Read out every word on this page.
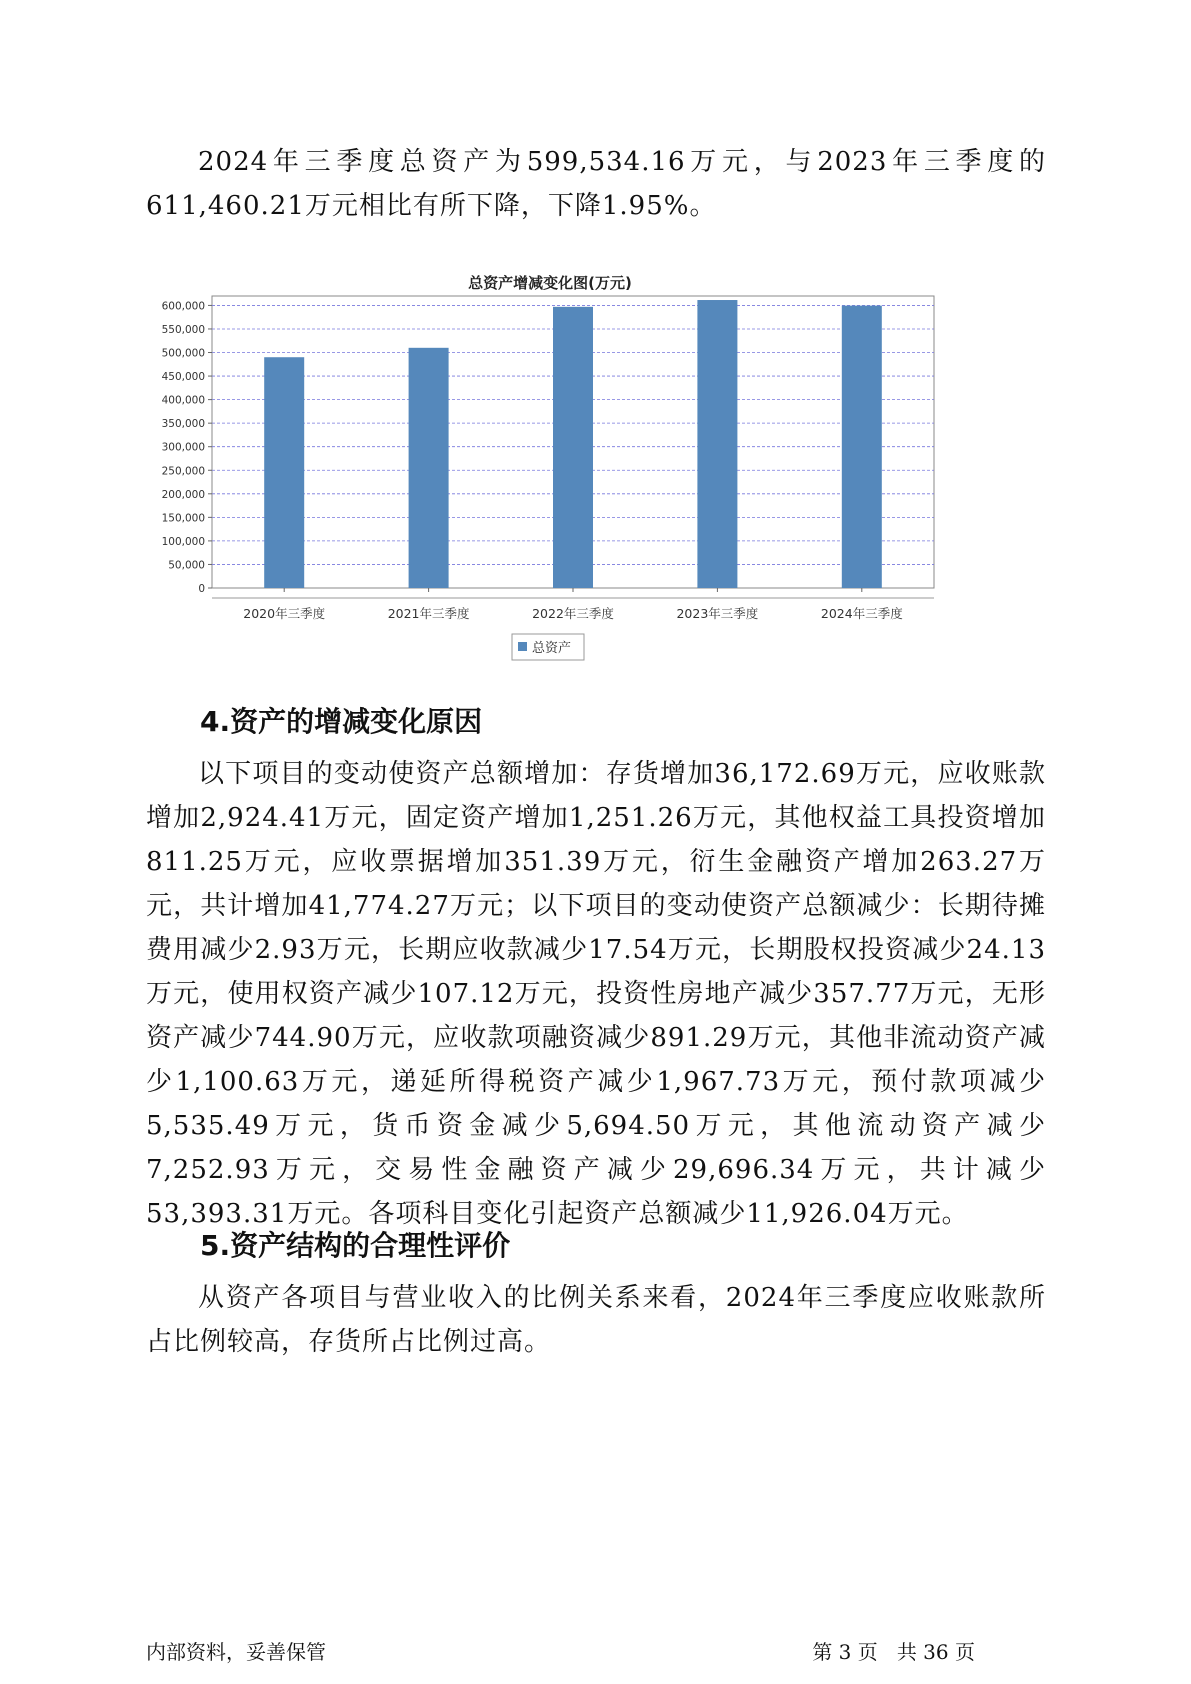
2024年三季度总资产为599,534.16万元，与2023年三季度的611,460.21万元相比有所下降，下降1.95%。

总资产增减变化图(万元)
0
50,000
100,000
150,000
200,000
250,000
300,000
350,000
400,000
450,000
500,000
550,000
600,000
2020年三季度	2021年三季度	2022年三季度	2023年三季度	2024年三季度
总资产
4.资产的增减变化原因

以下项目的变动使资产总额增加：存货增加36,172.69万元，应收账款增加2,924.41万元，固定资产增加1,251.26万元，其他权益工具投资增加811.25万元，应收票据增加351.39万元，衍生金融资产增加263.27万元，共计增加41,774.27万元；以下项目的变动使资产总额减少：长期待摊费用减少2.93万元，长期应收款减少17.54万元，长期股权投资减少24.13万元，使用权资产减少107.12万元，投资性房地产减少357.77万元，无形资产减少744.90万元，应收款项融资减少891.29万元，其他非流动资产减少1,100.63万元，递延所得税资产减少1,967.73万元，预付款项减少5,535.49万元，货币资金减少5,694.50万元，其他流动资产减少7,252.93万元，交易性金融资产减少29,696.34万元，共计减少53,393.31万元。各项科目变化引起资产总额减少11,926.04万元。

5.资产结构的合理性评价

从资产各项目与营业收入的比例关系来看，2024年三季度应收账款所占比例较高，存货所占比例过高。

内部资料，妥善保管	第 3 页   共 36 页
